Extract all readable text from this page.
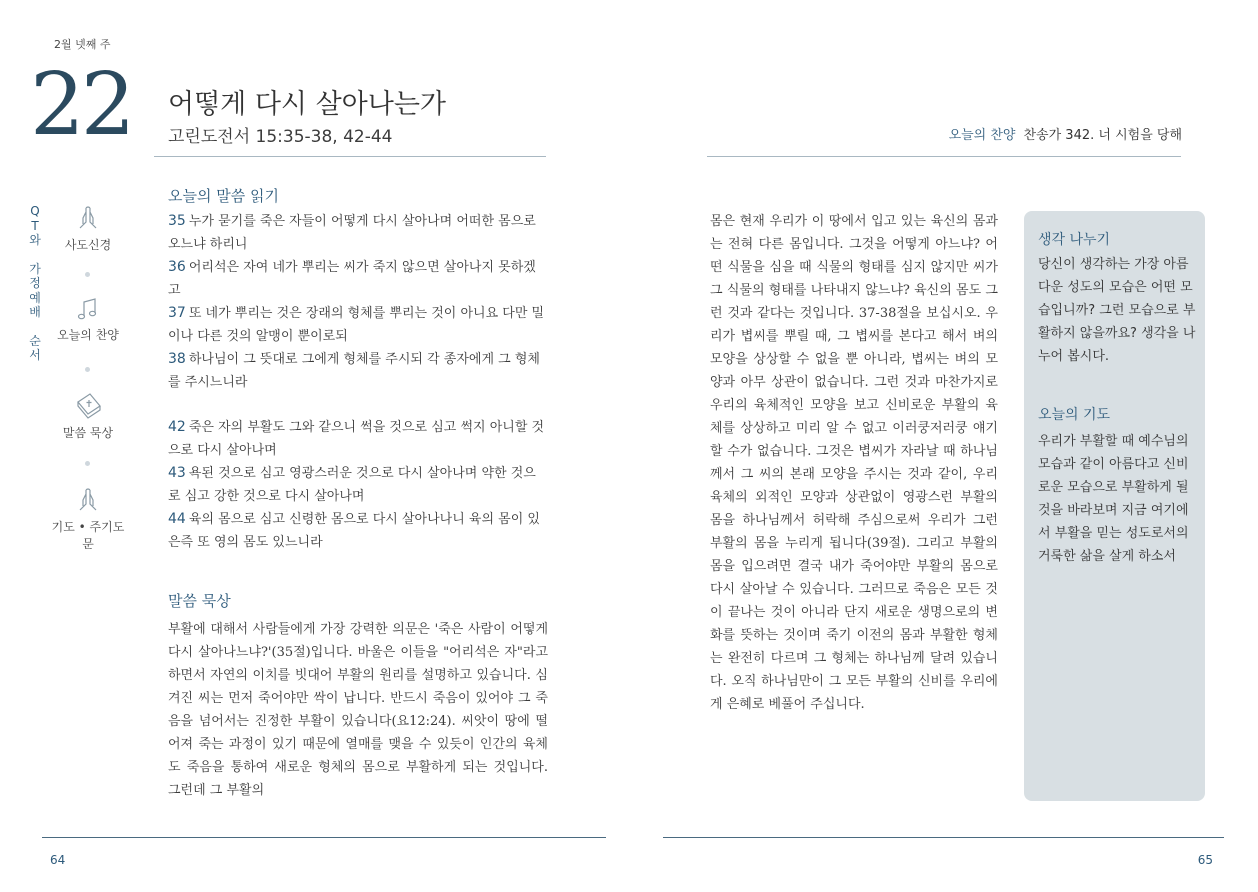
2월 넷째 주
22 어떻게 다시 살아나는가
고린도전서 15:35-38, 42-44	오늘의 찬양 찬송가 342. 너 시험을 당해
Q
T
와
가
정
예
배
순
서
사도신경
오늘의 찬양
말씀 묵상
기도 • 주기도문
오늘의 말씀 읽기

35 누가 묻기를 죽은 자들이 어떻게 다시 살아나며 어떠한 몸으로 오느냐 하리니

36 어리석은 자여 네가 뿌리는 씨가 죽지 않으면 살아나지 못하겠고

37 또 네가 뿌리는 것은 장래의 형체를 뿌리는 것이 아니요 다만 밀이나 다른 것의 알맹이 뿐이로되

38 하나님이 그 뜻대로 그에게 형체를 주시되 각 종자에게 그 형체를 주시느니라

42 죽은 자의 부활도 그와 같으니 썩을 것으로 심고 썩지 아니할 것으로 다시 살아나며

43 욕된 것으로 심고 영광스러운 것으로 다시 살아나며 약한 것으로 심고 강한 것으로 다시 살아나며

44 육의 몸으로 심고 신령한 몸으로 다시 살아나나니 육의 몸이 있은즉 또 영의 몸도 있느니라

말씀 묵상
부활에 대해서 사람들에게 가장 강력한 의문은 '죽은 사람이 어떻게 다시 살아나느냐?'(35절)입니다. 바울은 이들을 "어리석은 자"라고 하면서 자연의 이치를 빗대어 부활의 원리를 설명하고 있습니다. 심겨진 씨는 먼저 죽어야만 싹이 납니다. 반드시 죽음이 있어야 그 죽음을 넘어서는 진정한 부활이 있습니다(요12:24). 씨앗이 땅에 떨어져 죽는 과정이 있기 때문에 열매를 맺을 수 있듯이 인간의 육체도 죽음을 통하여 새로운 형체의 몸으로 부활하게 되는 것입니다. 그런데 그 부활의
몸은 현재 우리가 이 땅에서 입고 있는 육신의 몸과는 전혀 다른 몸입니다. 그것을 어떻게 아느냐? 어떤 식물을 심을 때 식물의 형태를 심지 않지만 씨가 그 식물의 형태를 나타내지 않느냐? 육신의 몸도 그런 것과 같다는 것입니다. 37-38절을 보십시오. 우리가 볍씨를 뿌릴 때, 그 볍씨를 본다고 해서 벼의 모양을 상상할 수 없을 뿐 아니라, 볍씨는 벼의 모양과 아무 상관이 없습니다. 그런 것과 마찬가지로 우리의 육체적인 모양을 보고 신비로운 부활의 육체를 상상하고 미리 알 수 없고 이러쿵저러쿵 얘기할 수가 없습니다. 그것은 볍씨가 자라날 때 하나님께서 그 씨의 본래 모양을 주시는 것과 같이, 우리 육체의 외적인 모양과 상관없이 영광스런 부활의 몸을 하나님께서 허락해 주심으로써 우리가 그런 부활의 몸을 누리게 됩니다(39절). 그리고 부활의 몸을 입으려면 결국 내가 죽어야만 부활의 몸으로 다시 살아날 수 있습니다. 그러므로 죽음은 모든 것이 끝나는 것이 아니라 단지 새로운 생명으로의 변화를 뜻하는 것이며 죽기 이전의 몸과 부활한 형체는 완전히 다르며 그 형체는 하나님께 달려 있습니다. 오직 하나님만이 그 모든 부활의 신비를 우리에게 은혜로 베풀어 주십니다.
생각 나누기
당신이 생각하는 가장 아름다운 성도의 모습은 어떤 모습입니까? 그런 모습으로 부활하지 않을까요? 생각을 나누어 봅시다.
오늘의 기도
우리가 부활할 때 예수님의 모습과 같이 아름다고 신비로운 모습으로 부활하게 될 것을 바라보며 지금 여기에서 부활을 믿는 성도로서의 거룩한 삶을 살게 하소서
64	65
